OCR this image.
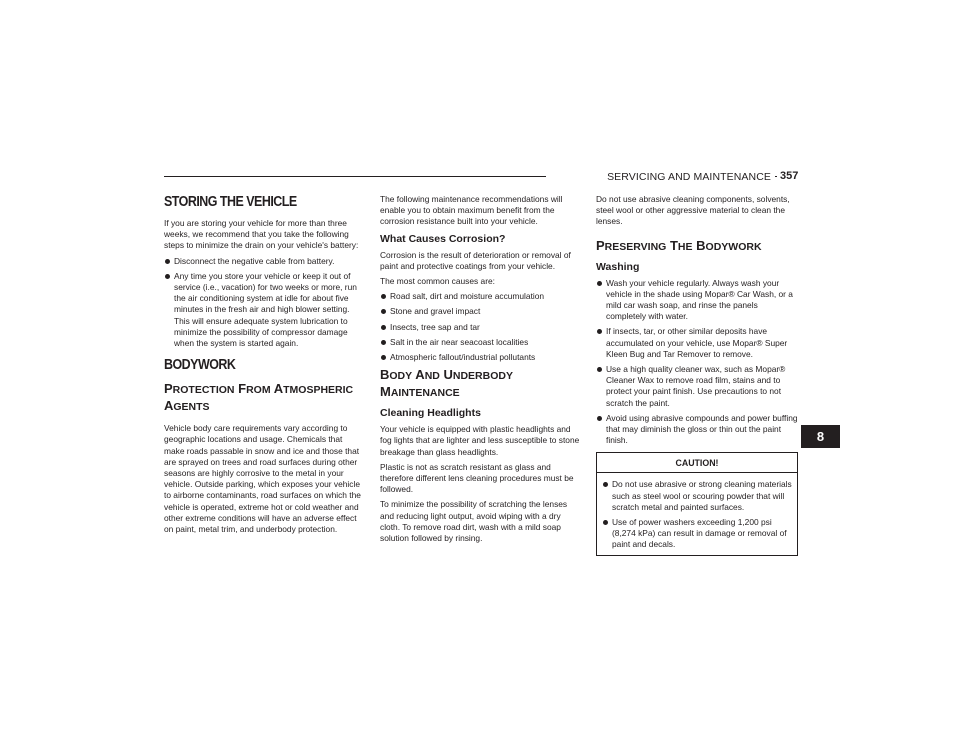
SERVICING AND MAINTENANCE 357
8
STORING THE VEHICLE

If you are storing your vehicle for more than three weeks, we recommend that you take the following steps to minimize the drain on your vehicle's battery:

Disconnect the negative cable from battery.
Any time you store your vehicle or keep it out of service (i.e., vacation) for two weeks or more, run the air conditioning system at idle for about five minutes in the fresh air and high blower setting. This will ensure adequate system lubrication to minimize the possibility of compressor damage when the system is started again.
BODYWORK
PROTECTION FROM ATMOSPHERIC
AGENTS

Vehicle body care requirements vary according to geographic locations and usage. Chemicals that make roads passable in snow and ice and those that are sprayed on trees and road surfaces during other seasons are highly corrosive to the metal in your vehicle. Outside parking, which exposes your vehicle to airborne contaminants, road surfaces on which the vehicle is operated, extreme hot or cold weather and other extreme conditions will have an adverse effect on paint, metal trim, and underbody protection.

The following maintenance recommendations will enable you to obtain maximum benefit from the corrosion resistance built into your vehicle.

What Causes Corrosion?

Corrosion is the result of deterioration or removal of paint and protective coatings from your vehicle.

The most common causes are:

Road salt, dirt and moisture accumulation
Stone and gravel impact
Insects, tree sap and tar
Salt in the air near seacoast localities
Atmospheric fallout/industrial pollutants
BODY AND UNDERBODY MAINTENANCE
Cleaning Headlights

Your vehicle is equipped with plastic headlights and fog lights that are lighter and less susceptible to stone breakage than glass headlights.

Plastic is not as scratch resistant as glass and therefore different lens cleaning procedures must be followed.

To minimize the possibility of scratching the lenses and reducing light output, avoid wiping with a dry cloth. To remove road dirt, wash with a mild soap solution followed by rinsing.

Do not use abrasive cleaning components, solvents, steel wool or other aggressive material to clean the lenses.

PRESERVING THE BODYWORK
Washing
Wash your vehicle regularly. Always wash your vehicle in the shade using Mopar® Car Wash, or a mild car wash soap, and rinse the panels completely with water.
If insects, tar, or other similar deposits have accumulated on your vehicle, use Mopar® Super Kleen Bug and Tar Remover to remove.
Use a high quality cleaner wax, such as Mopar® Cleaner Wax to remove road film, stains and to protect your paint finish. Use precautions to not scratch the paint.
Avoid using abrasive compounds and power buffing that may diminish the gloss or thin out the paint finish.
CAUTION!
Do not use abrasive or strong cleaning materials such as steel wool or scouring powder that will scratch metal and painted surfaces.
Use of power washers exceeding 1,200 psi (8,274 kPa) can result in damage or removal of paint and decals.
